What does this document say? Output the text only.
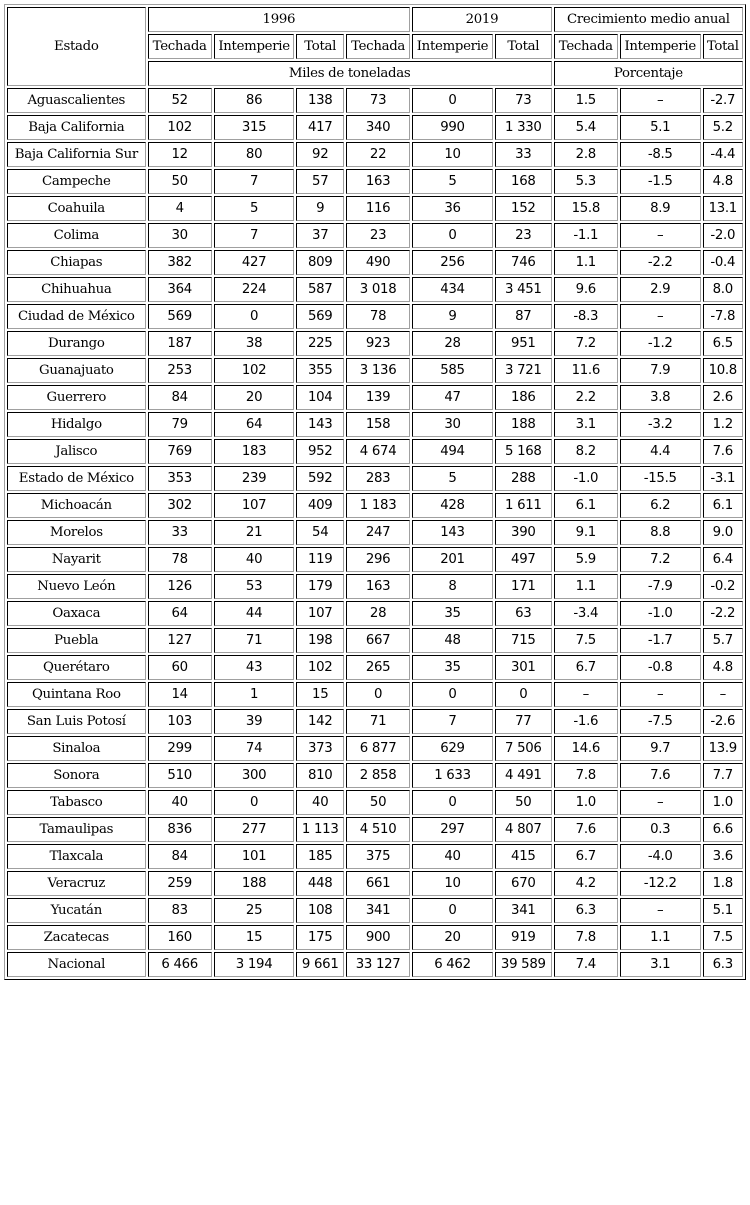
Estado	1996				2019		Crecimiento medio anual		
	Techada	Intemperie	Total	Techada	Intemperie	Total	Techada	Intemperie	Total
	Miles de toneladas						Porcentaje		
Aguascalientes	52	86	138	73	0	73	1.5	–	-2.7
Baja California	102	315	417	340	990	1 330	5.4	5.1	5.2
Baja California Sur	12	80	92	22	10	33	2.8	-8.5	-4.4
Campeche	50	7	57	163	5	168	5.3	-1.5	4.8
Coahuila	4	5	9	116	36	152	15.8	8.9	13.1
Colima	30	7	37	23	0	23	-1.1	–	-2.0
Chiapas	382	427	809	490	256	746	1.1	-2.2	-0.4
Chihuahua	364	224	587	3 018	434	3 451	9.6	2.9	8.0
Ciudad de México	569	0	569	78	9	87	-8.3	–	-7.8
Durango	187	38	225	923	28	951	7.2	-1.2	6.5
Guanajuato	253	102	355	3 136	585	3 721	11.6	7.9	10.8
Guerrero	84	20	104	139	47	186	2.2	3.8	2.6
Hidalgo	79	64	143	158	30	188	3.1	-3.2	1.2
Jalisco	769	183	952	4 674	494	5 168	8.2	4.4	7.6
Estado de México	353	239	592	283	5	288	-1.0	-15.5	-3.1
Michoacán	302	107	409	1 183	428	1 611	6.1	6.2	6.1
Morelos	33	21	54	247	143	390	9.1	8.8	9.0
Nayarit	78	40	119	296	201	497	5.9	7.2	6.4
Nuevo León	126	53	179	163	8	171	1.1	-7.9	-0.2
Oaxaca	64	44	107	28	35	63	-3.4	-1.0	-2.2
Puebla	127	71	198	667	48	715	7.5	-1.7	5.7
Querétaro	60	43	102	265	35	301	6.7	-0.8	4.8
Quintana Roo	14	1	15	0	0	0	–	–	–
San Luis Potosí	103	39	142	71	7	77	-1.6	-7.5	-2.6
Sinaloa	299	74	373	6 877	629	7 506	14.6	9.7	13.9
Sonora	510	300	810	2 858	1 633	4 491	7.8	7.6	7.7
Tabasco	40	0	40	50	0	50	1.0	–	1.0
Tamaulipas	836	277	1 113	4 510	297	4 807	7.6	0.3	6.6
Tlaxcala	84	101	185	375	40	415	6.7	-4.0	3.6
Veracruz	259	188	448	661	10	670	4.2	-12.2	1.8
Yucatán	83	25	108	341	0	341	6.3	–	5.1
Zacatecas	160	15	175	900	20	919	7.8	1.1	7.5
Nacional	6 466	3 194	9 661	33 127	6 462	39 589	7.4	3.1	6.3
